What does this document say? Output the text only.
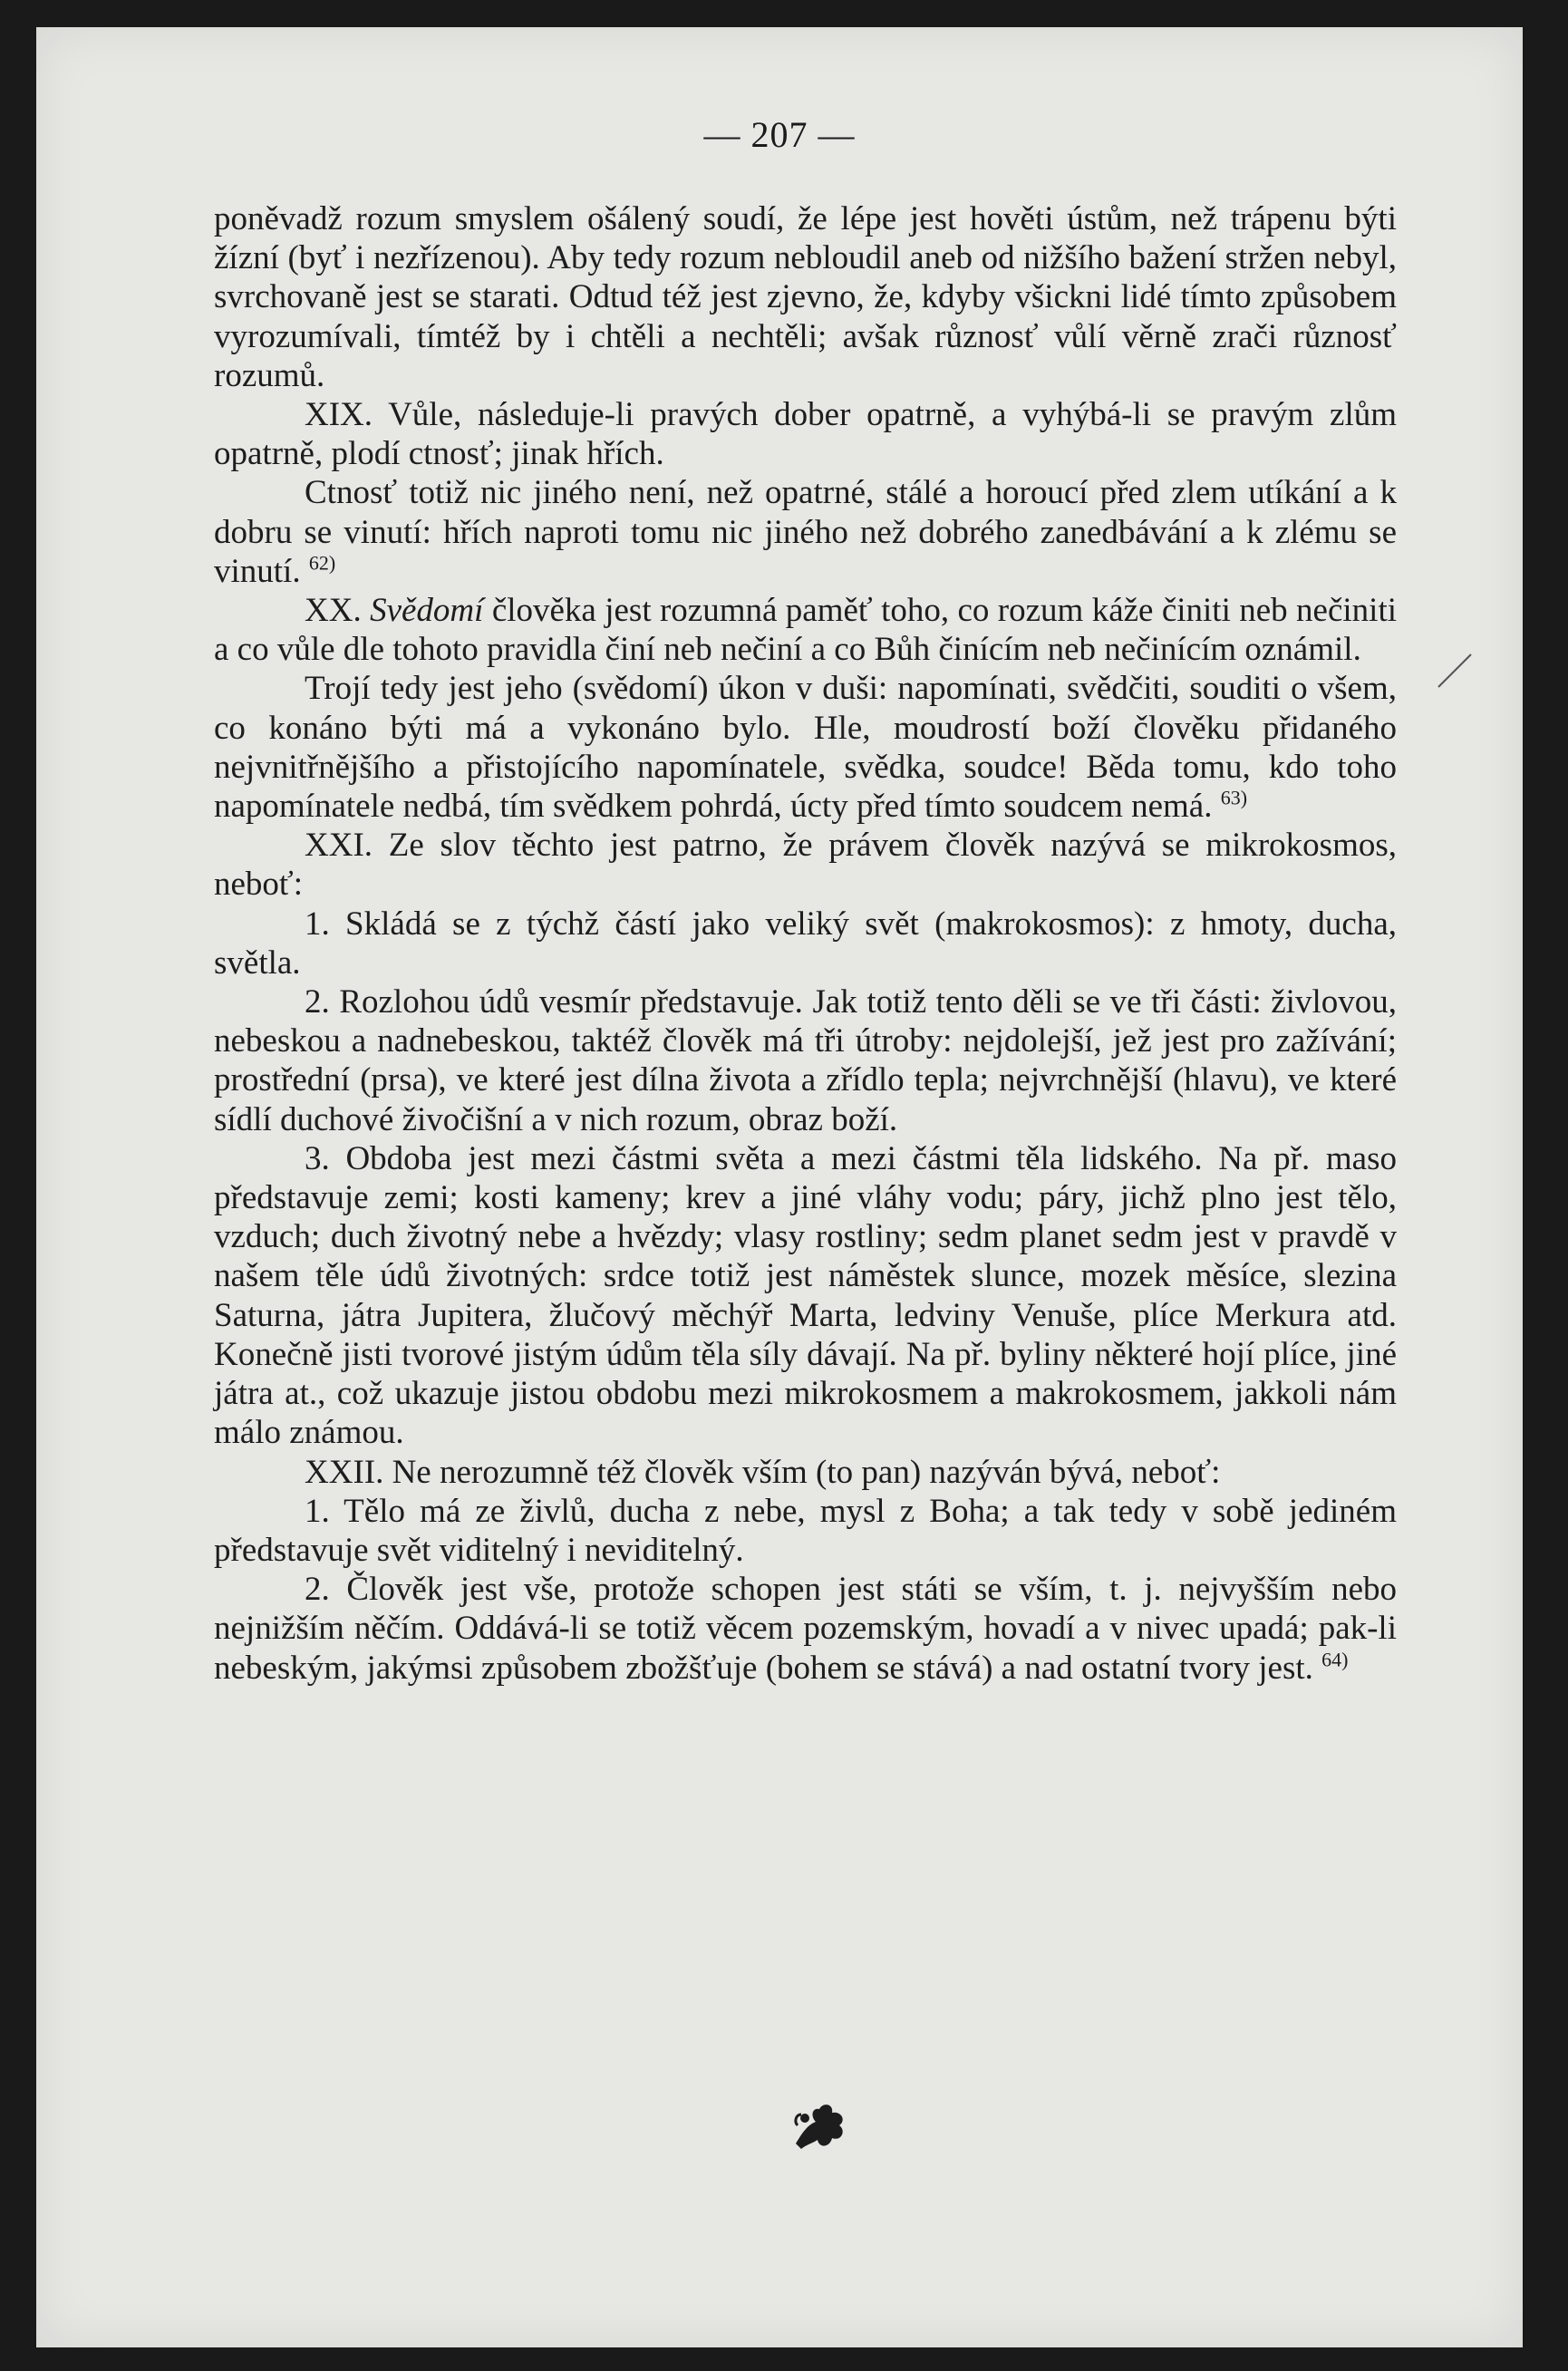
— 207 —

poněvadž rozum smyslem ošálený soudí, že lépe jest hověti ústům, než trápenu býti žízní (byť i nezřízenou). Aby tedy rozum nebloudil aneb od nižšího bažení stržen nebyl, svrchovaně jest se starati. Odtud též jest zjevno, že, kdyby všickni lidé tímto způsobem vyrozumívali, tímtéž by i chtěli a nechtěli; avšak různosť vůlí věrně zrači různosť rozumů.

XIX. Vůle, následuje-li pravých dober opatrně, a vyhýbá-li se pravým zlům opatrně, plodí ctnosť; jinak hřích.

Ctnosť totiž nic jiného není, než opatrné, stálé a horoucí před zlem utíkání a k dobru se vinutí: hřích naproti tomu nic jiného než dobrého zanedbávání a k zlému se vinutí. $^{62)}$

XX. Svědomí člověka jest rozumná paměť toho, co rozum káže činiti neb nečiniti a co vůle dle tohoto pravidla činí neb nečiní a co Bůh činícím neb nečinícím oznámil.

Trojí tedy jest jeho (svědomí) úkon v duši: napomínati, svědčiti, souditi o všem, co konáno býti má a vykonáno bylo. Hle, moudrostí boží člověku přidaného nejvnitřnějšího a přistojícího napomínatele, svědka, soudce! Běda tomu, kdo toho napomínatele nedbá, tím svědkem pohrdá, úcty před tímto soudcem nemá. $^{63)}$

XXI. Ze slov těchto jest patrno, že právem člověk nazývá se mikrokosmos, neboť:

1. Skládá se z týchž částí jako veliký svět (makrokosmos): z hmoty, ducha, světla.

2. Rozlohou údů vesmír představuje. Jak totiž tento děli se ve tři části: živlovou, nebeskou a nadnebeskou, taktéž člověk má tři útroby: nejdolejší, jež jest pro zažívání; prostřední (prsa), ve které jest dílna života a zřídlo tepla; nejvrchnější (hlavu), ve které sídlí duchové živočišní a v nich rozum, obraz boží.

3. Obdoba jest mezi částmi světa a mezi částmi těla lidského. Na př. maso představuje zemi; kosti kameny; krev a jiné vláhy vodu; páry, jichž plno jest tělo, vzduch; duch životný nebe a hvězdy; vlasy rostliny; sedm planet sedm jest v pravdě v našem těle údů životných: srdce totiž jest náměstek slunce, mozek měsíce, slezina Saturna, játra Jupitera, žlučový měchýř Marta, ledviny Venuše, plíce Merkura atd. Konečně jisti tvorové jistým údům těla síly dávají. Na př. byliny některé hojí plíce, jiné játra at., což ukazuje jistou obdobu mezi mikrokosmem a makrokosmem, jakkoli nám málo známou.

XXII. Ne nerozumně též člověk vším (to pan) nazýván bývá, neboť:

1. Tělo má ze živlů, ducha z nebe, mysl z Boha; a tak tedy v sobě jediném představuje svět viditelný i neviditelný.

2. Člověk jest vše, protože schopen jest státi se vším, t. j. nejvyšším nebo nejnižším něčím. Oddává-li se totiž věcem pozemským, hovadí a v nivec upadá; pak-li nebeským, jakýmsi způsobem zbožšťuje (bohem se stává) a nad ostatní tvory jest. $^{64)}$
